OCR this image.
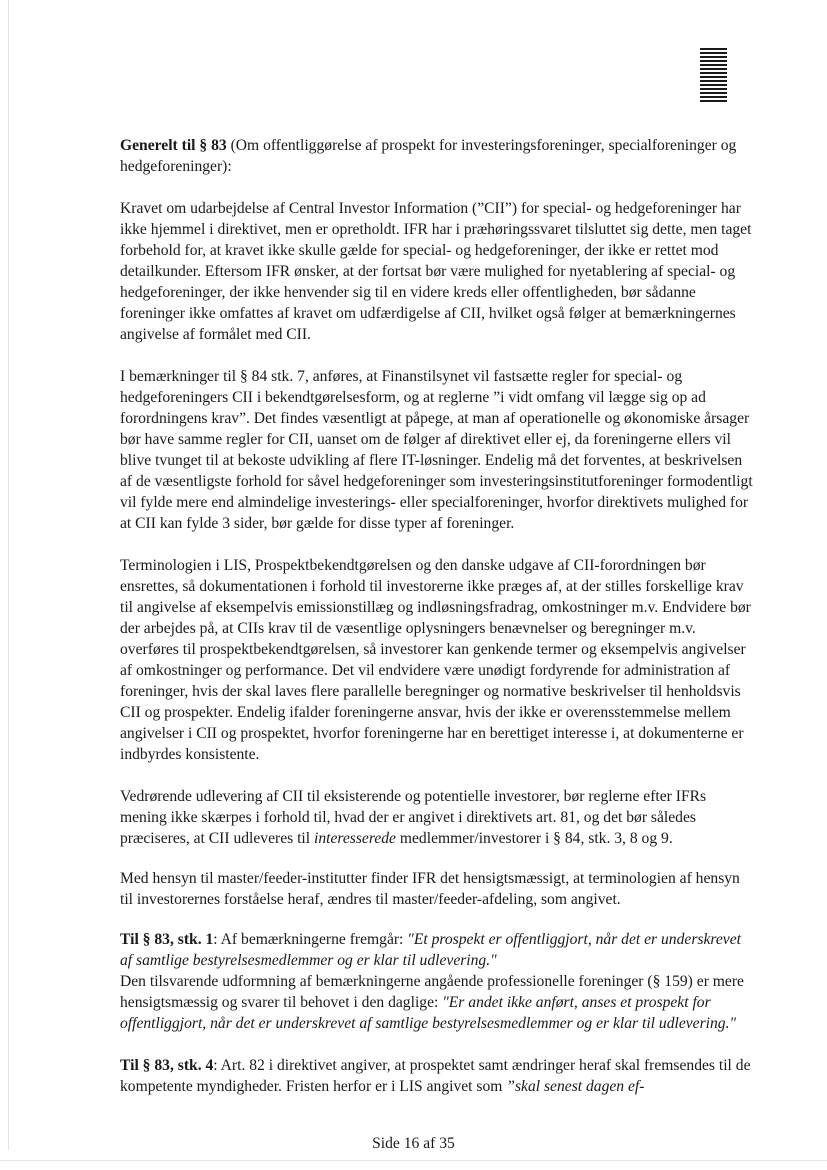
Generelt til § 83 (Om offentliggørelse af prospekt for investeringsforeninger, specialforeninger og hedgeforeninger):

Kravet om udarbejdelse af Central Investor Information (”CII”) for special- og hedgeforeninger har ikke hjemmel i direktivet, men er opretholdt. IFR har i præhøringssvaret tilsluttet sig dette, men taget forbehold for, at kravet ikke skulle gælde for special- og hedgeforeninger, der ikke er rettet mod detailkunder. Eftersom IFR ønsker, at der fortsat bør være mulighed for nyetablering af special- og hedgeforeninger, der ikke henvender sig til en videre kreds eller offentligheden, bør sådanne foreninger ikke omfattes af kravet om udfærdigelse af CII, hvilket også følger at bemærkningernes angivelse af formålet med CII.

I bemærkninger til § 84 stk. 7, anføres, at Finanstilsynet vil fastsætte regler for special- og hedgeforeningers CII i bekendtgørelsesform, og at reglerne ”i vidt omfang vil lægge sig op ad forordningens krav”. Det findes væsentligt at påpege, at man af operationelle og økonomiske årsager bør have samme regler for CII, uanset om de følger af direktivet eller ej, da foreningerne ellers vil blive tvunget til at bekoste udvikling af flere IT-løsninger. Endelig må det forventes, at beskrivelsen af de væsentligste forhold for såvel hedgeforeninger som investeringsinstitutforeninger formodentligt vil fylde mere end almindelige investerings- eller specialforeninger, hvorfor direktivets mulighed for at CII kan fylde 3 sider, bør gælde for disse typer af foreninger.

Terminologien i LIS, Prospektbekendtgørelsen og den danske udgave af CII-forordningen bør ensrettes, så dokumentationen i forhold til investorerne ikke præges af, at der stilles forskellige krav til angivelse af eksempelvis emissionstillæg og indløsningsfradrag, omkostninger m.v. Endvidere bør der arbejdes på, at CIIs krav til de væsentlige oplysningers benævnelser og beregninger m.v. overføres til prospektbekendtgørelsen, så investorer kan genkende termer og eksempelvis angivelser af omkostninger og performance. Det vil endvidere være unødigt fordyrende for administration af foreninger, hvis der skal laves flere parallelle beregninger og normative beskrivelser til henholdsvis CII og prospekter. Endelig ifalder foreningerne ansvar, hvis der ikke er overensstemmelse mellem angivelser i CII og prospektet, hvorfor foreningerne har en berettiget interesse i, at dokumenterne er indbyrdes konsistente.

Vedrørende udlevering af CII til eksisterende og potentielle investorer, bør reglerne efter IFRs mening ikke skærpes i forhold til, hvad der er angivet i direktivets art. 81, og det bør således præciseres, at CII udleveres til interesserede medlemmer/investorer i § 84, stk. 3, 8 og 9.

Med hensyn til master/feeder-institutter finder IFR det hensigtsmæssigt, at terminologien af hensyn til investorernes forståelse heraf, ændres til master/feeder-afdeling, som angivet.

Til § 83, stk. 1: Af bemærkningerne fremgår: "Et prospekt er offentliggjort, når det er underskrevet af samtlige bestyrelsesmedlemmer og er klar til udlevering."
Den tilsvarende udformning af bemærkningerne angående professionelle foreninger (§ 159) er mere hensigtsmæssig og svarer til behovet i den daglige: "Er andet ikke anført, anses et prospekt for offentliggjort, når det er underskrevet af samtlige bestyrelsesmedlemmer og er klar til udlevering."

Til § 83, stk. 4: Art. 82 i direktivet angiver, at prospektet samt ændringer heraf skal fremsendes til de kompetente myndigheder. Fristen herfor er i LIS angivet som ”skal senest dagen ef-

Side 16 af 35
